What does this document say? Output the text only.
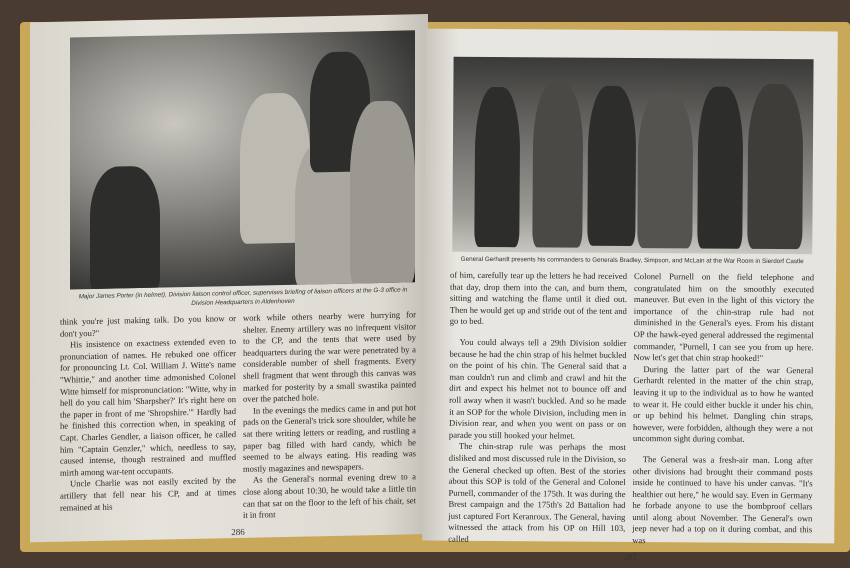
Major James Porter (in helmet), Division liaison control officer, supervises briefing of liaison officers at the G-3 office in Division Headquarters in Aldenhoven

think you're just making talk. Do you know or don't you?"

His insistence on exactness extended even to pronunciation of names. He rebuked one officer for pronouncing Lt. Col. William J. Witte's name "Whittie," and another time admonished Colonel Witte himself for mispronunciation: "Witte, why in hell do you call him 'Sharpsher?' It's right here on the paper in front of me 'Shropshire.'" Hardly had he finished this correction when, in speaking of Capt. Charles Gendler, a liaison officer, he called him "Captain Genzler," which, needless to say, caused intense, though restrained and muffled mirth among war-tent occupants.

Uncle Charlie was not easily excited by the artillery that fell near his CP, and at times remained at his

work while others nearby were hurrying for shelter. Enemy artillery was no infrequent visitor to the CP, and the tents that were used by headquarters during the war were penetrated by a considerable number of shell fragments. Every shell fragment that went through this canvas was marked for posterity by a small swastika painted over the patched hole.

In the evenings the medics came in and put hot pads on the General's trick sore shoulder, while he sat there writing letters or reading, and rustling a paper bag filled with hard candy, which he seemed to be always eating. His reading was mostly magazines and newspapers.

As the General's normal evening drew to a close along about 10:30, he would take a little tin can that sat on the floor to the left of his chair, set it in front

286
General Gerhardt presents his commanders to Generals Bradley, Simpson, and McLain at the War Room in Sierdorf Castle

of him, carefully tear up the letters he had received that day, drop them into the can, and burn them, sitting and watching the flame until it died out. Then he would get up and stride out of the tent and go to bed.

You could always tell a 29th Division soldier because he had the chin strap of his helmet buckled on the point of his chin. The General said that a man couldn't run and climb and crawl and hit the dirt and expect his helmet not to bounce off and roll away when it wasn't buckled. And so he made it an SOP for the whole Division, including men in Division rear, and when you went on pass or on parade you still hooked your helmet.

The chin-strap rule was perhaps the most disliked and most discussed rule in the Division, so the General checked up often. Best of the stories about this SOP is told of the General and Colonel Purnell, commander of the 175th. It was during the Brest campaign and the 175th's 2d Battalion had just captured Fort Keranroux. The General, having witnessed the attack from his OP on Hill 103, called

Colonel Purnell on the field telephone and congratulated him on the smoothly executed maneuver. But even in the light of this victory the importance of the chin-strap rule had not diminished in the General's eyes. From his distant OP the hawk-eyed general addressed the regimental commander, "Purnell, I can see you from up here. Now let's get that chin strap hooked!"

During the latter part of the war General Gerhardt relented in the matter of the chin strap, leaving it up to the individual as to how he wanted to wear it. He could either buckle it under his chin, or up behind his helmet. Dangling chin straps, however, were forbidden, although they were a not uncommon sight during combat.

The General was a fresh-air man. Long after other divisions had brought their command posts inside he continued to have his under canvas. "It's healthier out here," he would say. Even in Germany he forbade anyone to use the bombproof cellars until along about November. The General's own jeep never had a top on it during combat, and this was

287
